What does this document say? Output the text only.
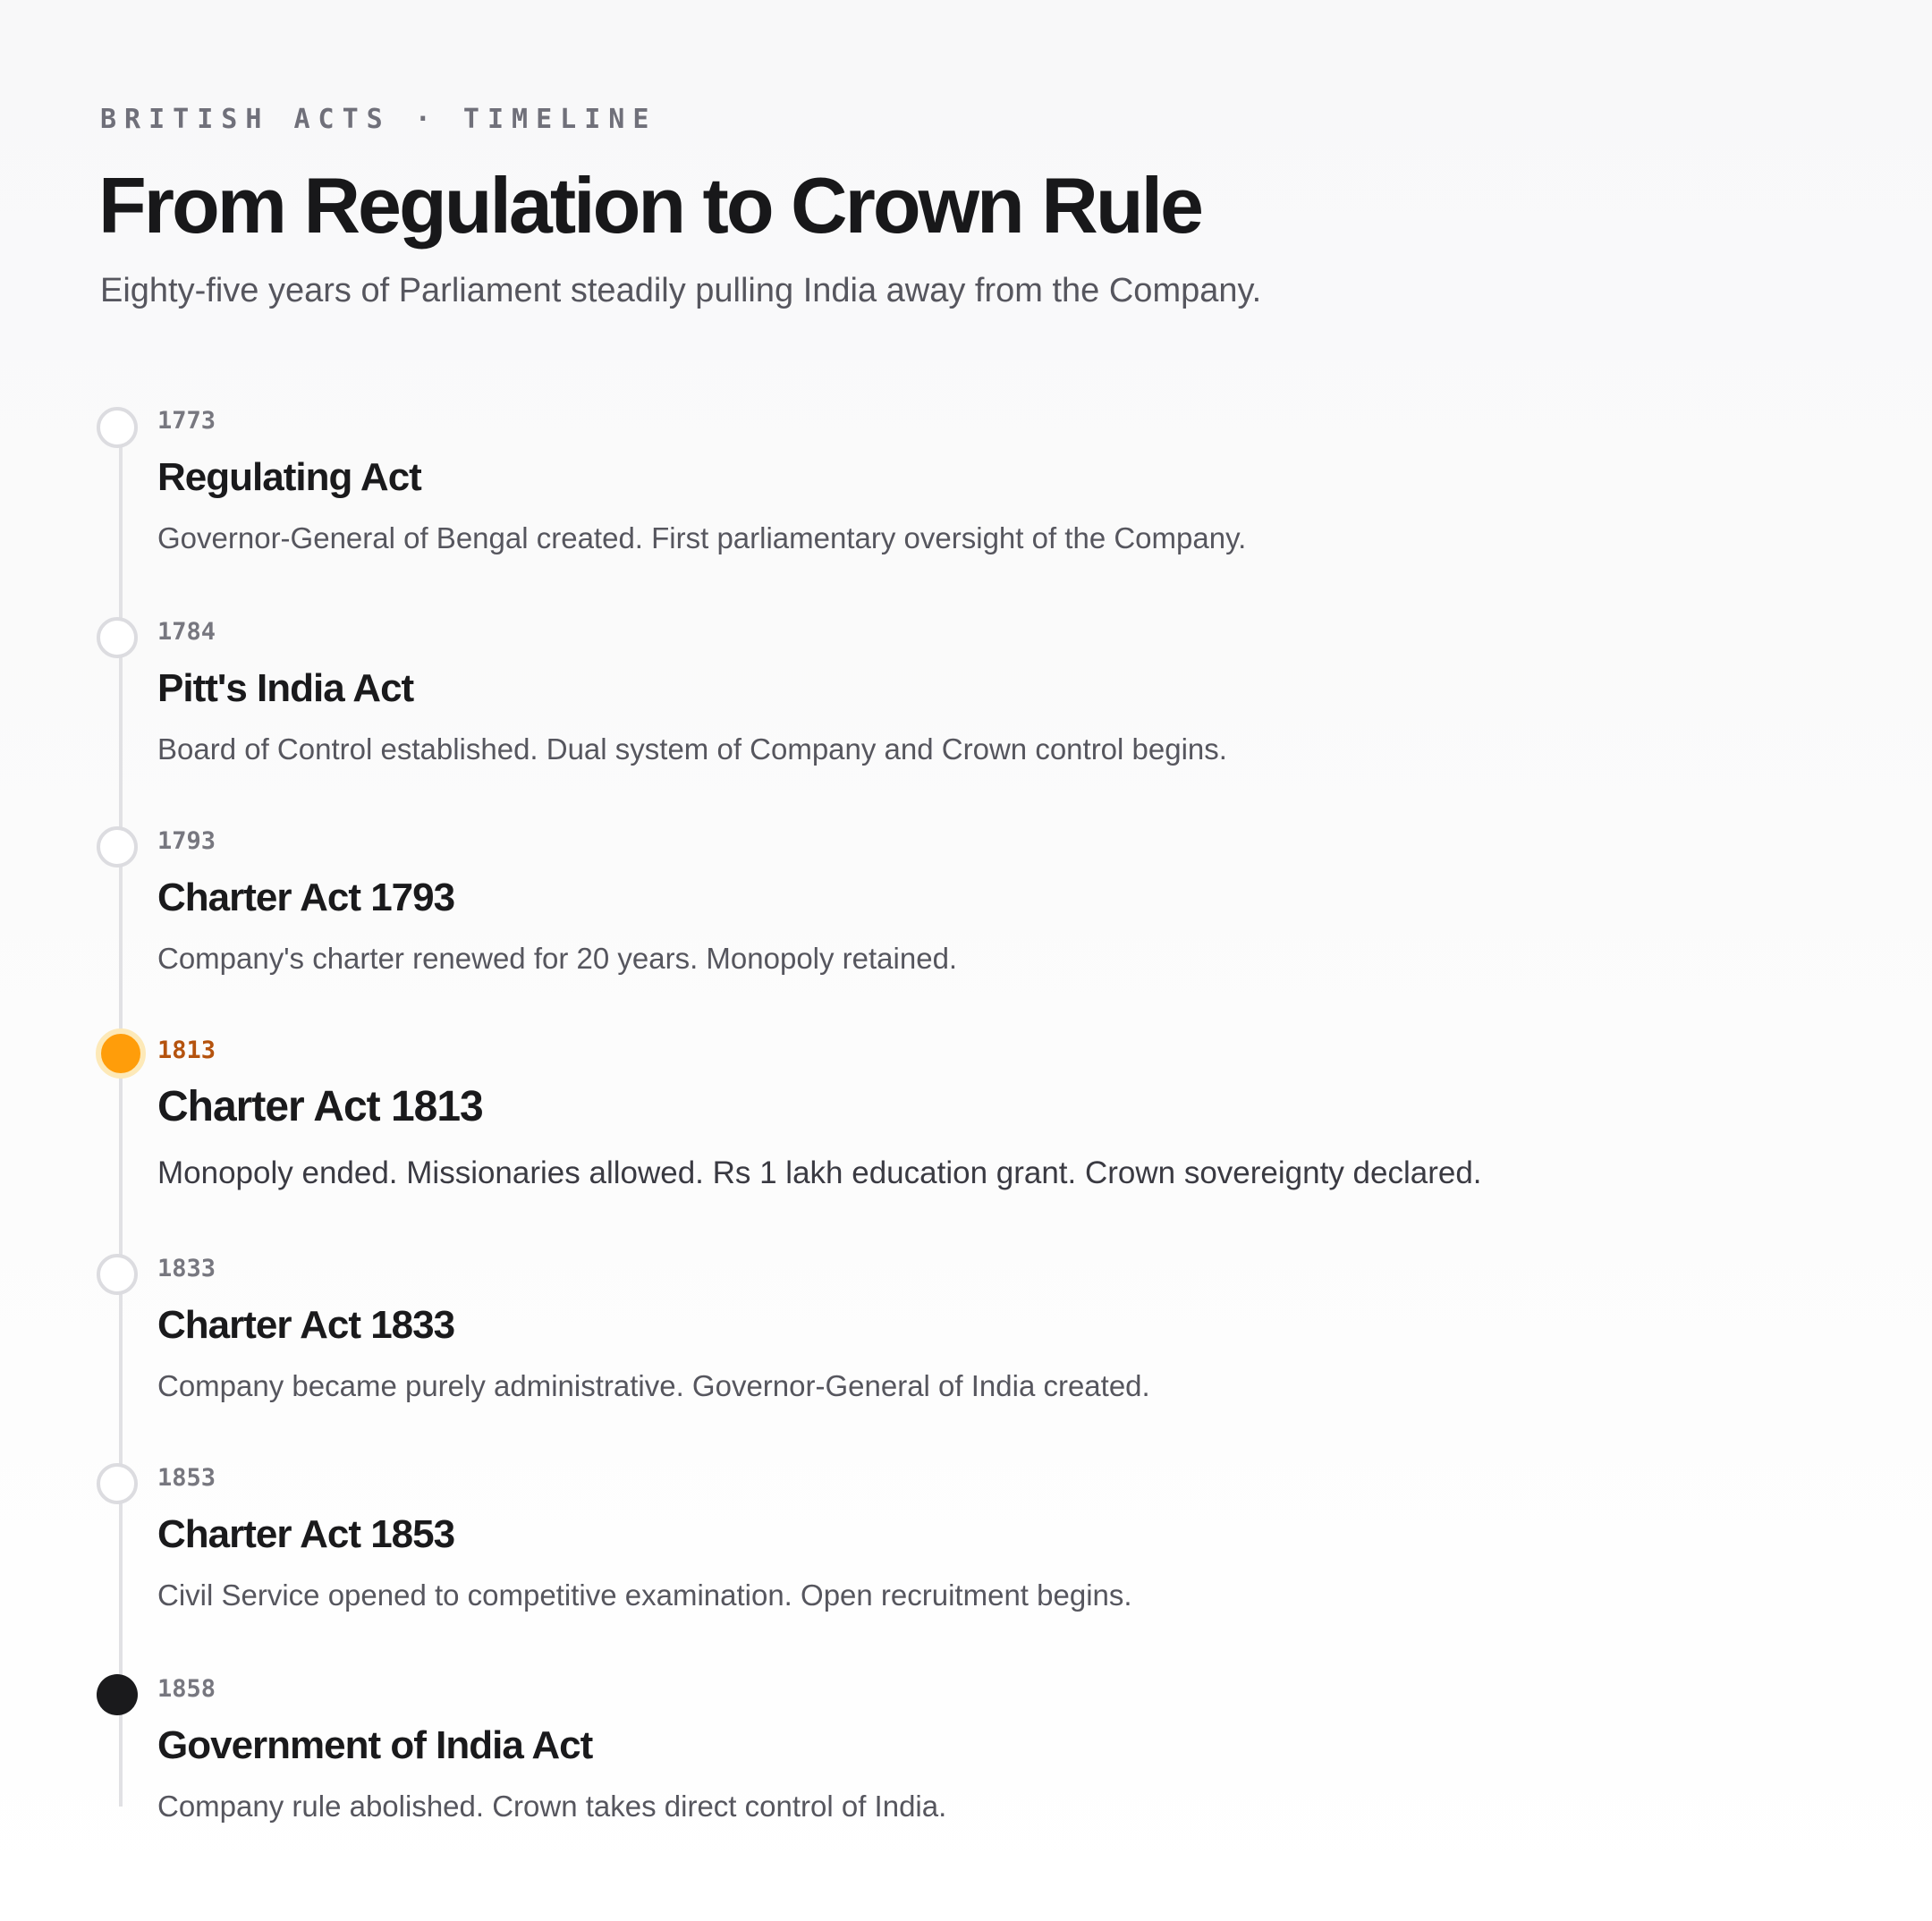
BRITISH ACTS · TIMELINE
From Regulation to Crown Rule

Eighty-five years of Parliament steadily pulling India away from the Company.

1773
Regulating Act

Governor-General of Bengal created. First parliamentary oversight of the Company.

1784
Pitt's India Act

Board of Control established. Dual system of Company and Crown control begins.

1793
Charter Act 1793

Company's charter renewed for 20 years. Monopoly retained.

1813
Charter Act 1813

Monopoly ended. Missionaries allowed. Rs 1 lakh education grant. Crown sovereignty declared.

1833
Charter Act 1833

Company became purely administrative. Governor-General of India created.

1853
Charter Act 1853

Civil Service opened to competitive examination. Open recruitment begins.

1858
Government of India Act

Company rule abolished. Crown takes direct control of India.
